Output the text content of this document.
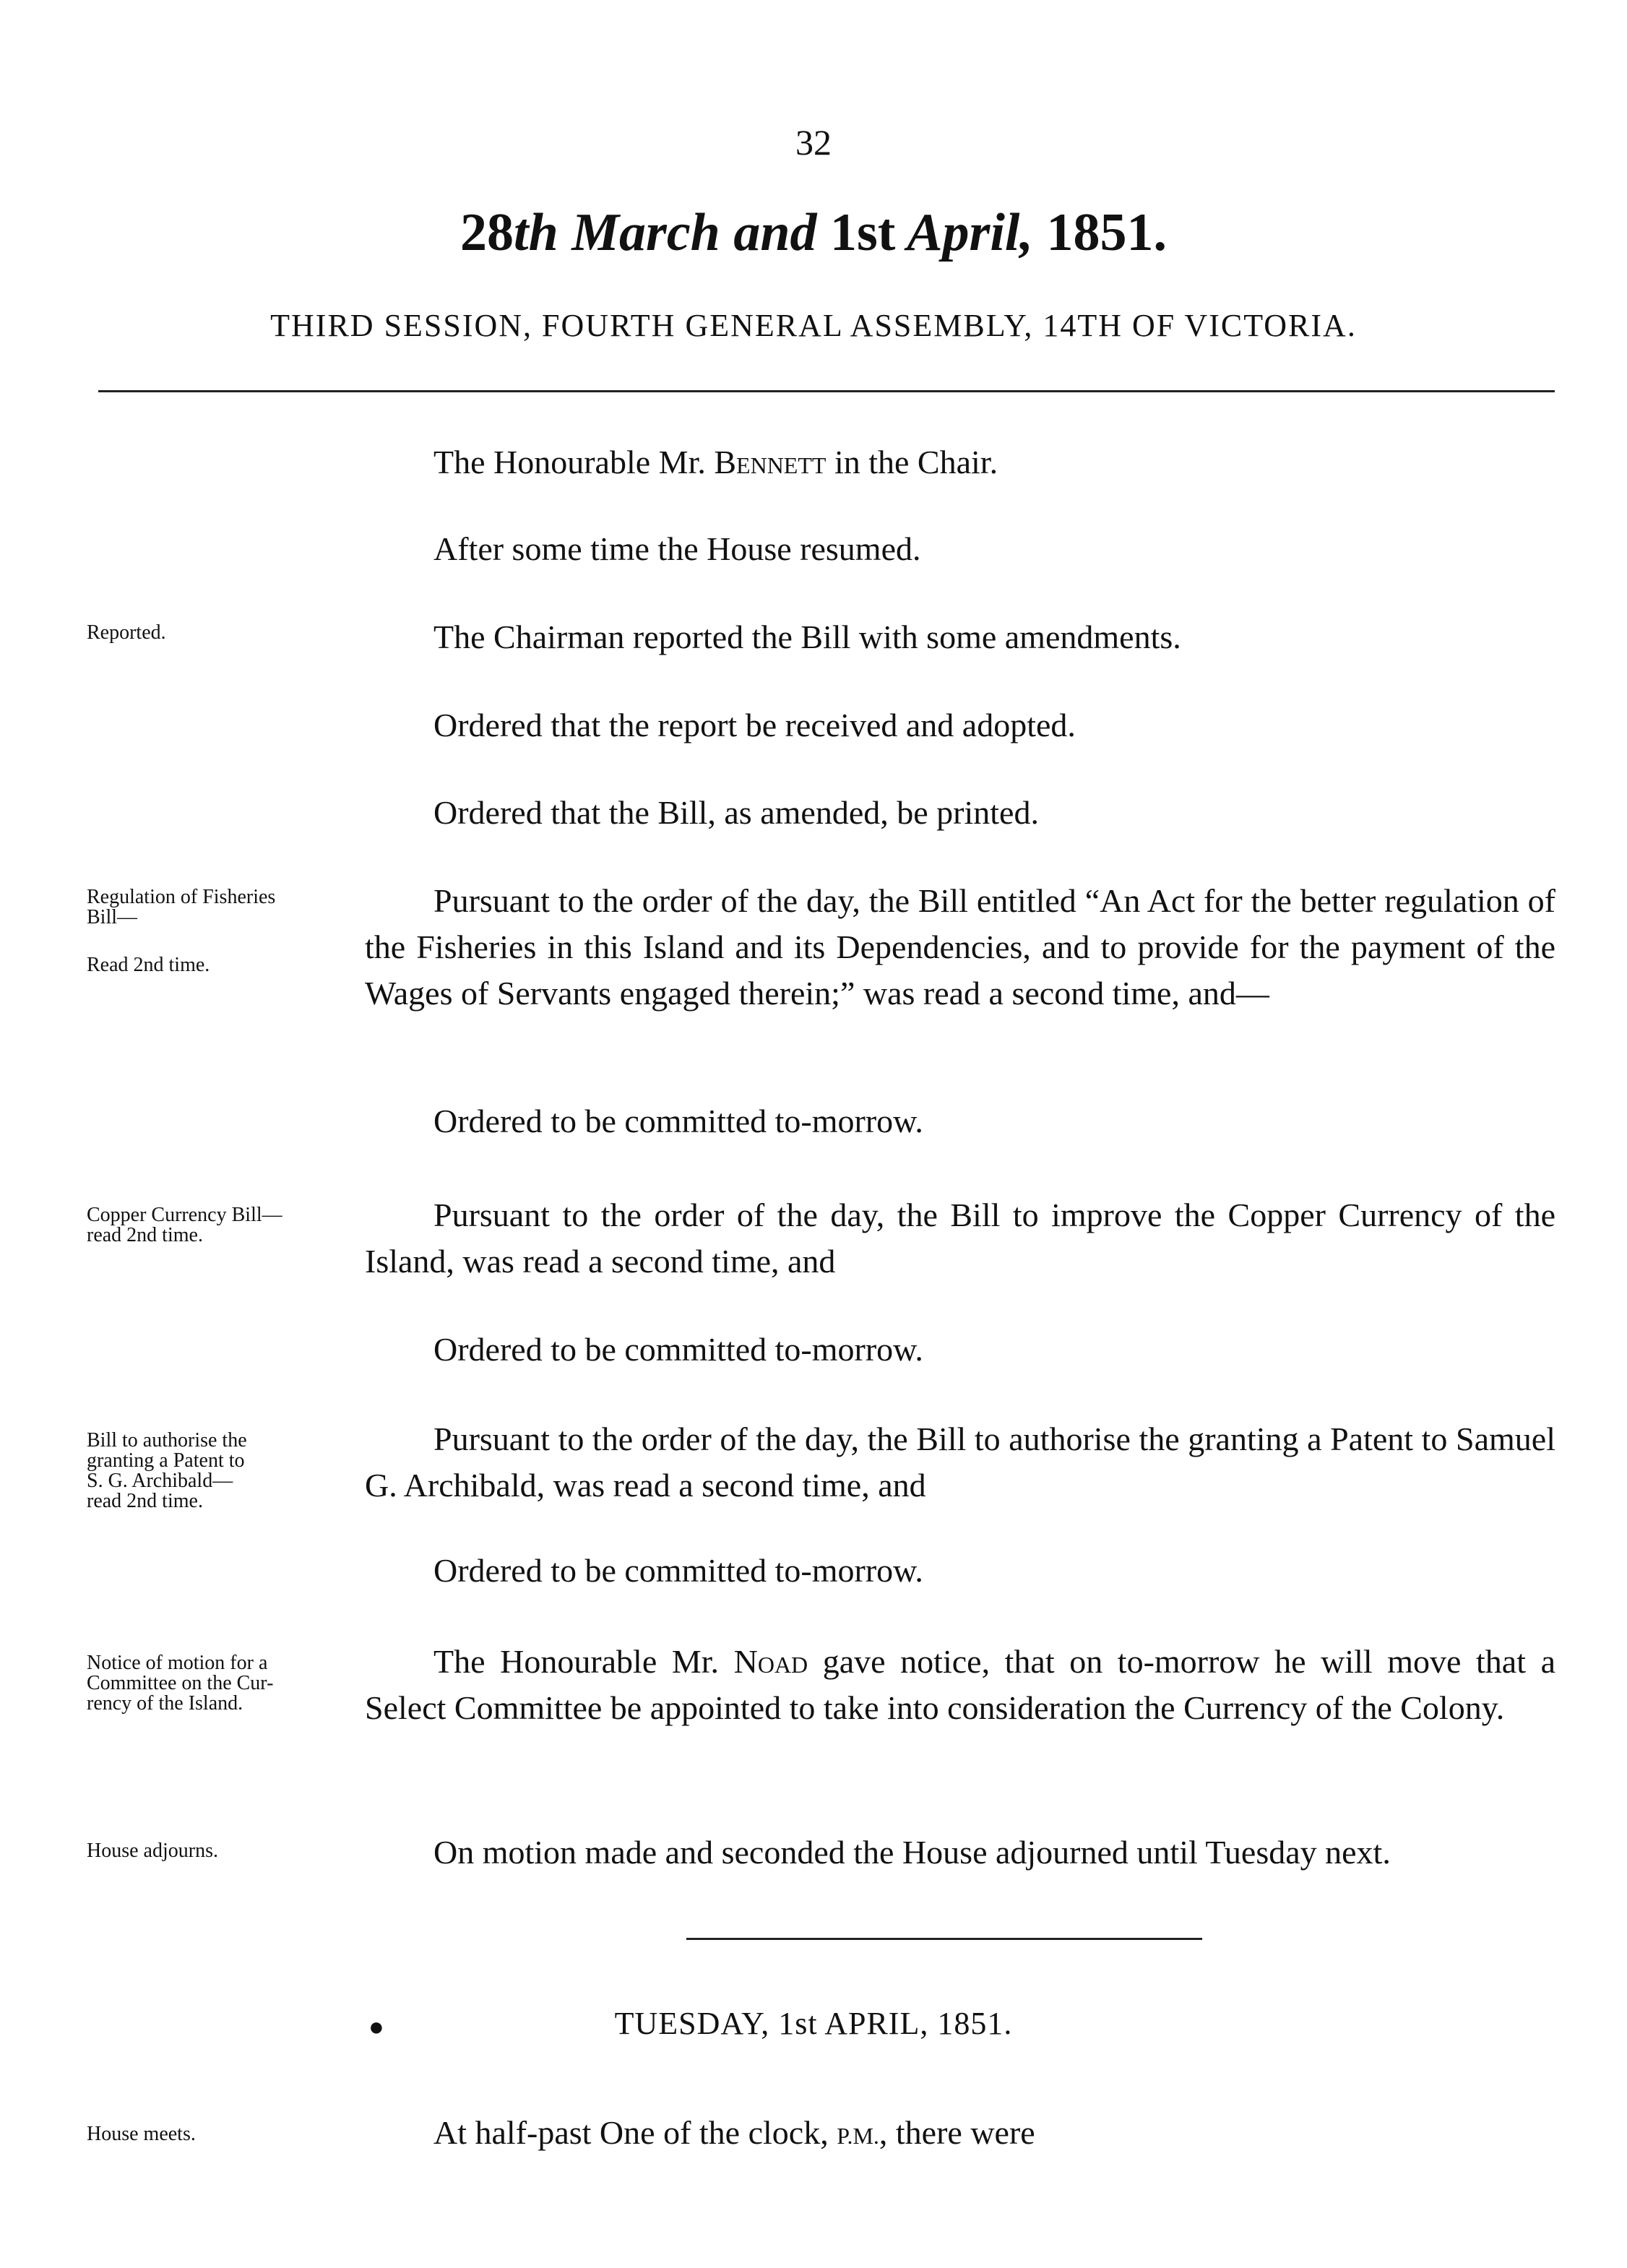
32
28th March and 1st April, 1851.
THIRD SESSION, FOURTH GENERAL ASSEMBLY, 14TH OF VICTORIA.
The Honourable Mr. Bennett in the Chair.
After some time the House resumed.
Reported.	The Chairman reported the Bill with some amendments.
Ordered that the report be received and adopted.
Ordered that the Bill, as amended, be printed.
Regulation of Fisheries
Bill—
Read 2nd time.
Pursuant to the order of the day, the Bill entitled “An Act for the better regulation of the Fisheries in this Island and its Dependencies, and to provide for the payment of the Wages of Servants engaged therein;” was read a second time, and—
Ordered to be committed to-morrow.
Copper Currency Bill—
read 2nd time.
Pursuant to the order of the day, the Bill to improve the Copper Currency of the Island, was read a second time, and
Ordered to be committed to-morrow.
Bill to authorise the
granting a Patent to
S. G. Archibald—
read 2nd time.
Pursuant to the order of the day, the Bill to authorise the granting a Patent to Samuel G. Archibald, was read a second time, and
Ordered to be committed to-morrow.
Notice of motion for a
Committee on the Cur-
rency of the Island.
The Honourable Mr. Noad gave notice, that on to-morrow he will move that a Select Committee be appointed to take into consideration the Currency of the Colony.
House adjourns.	On motion made and seconded the House adjourned until Tuesday next.
●	TUESDAY, 1st APRIL, 1851.
House meets.	At half-past One of the clock, P.M., there were
